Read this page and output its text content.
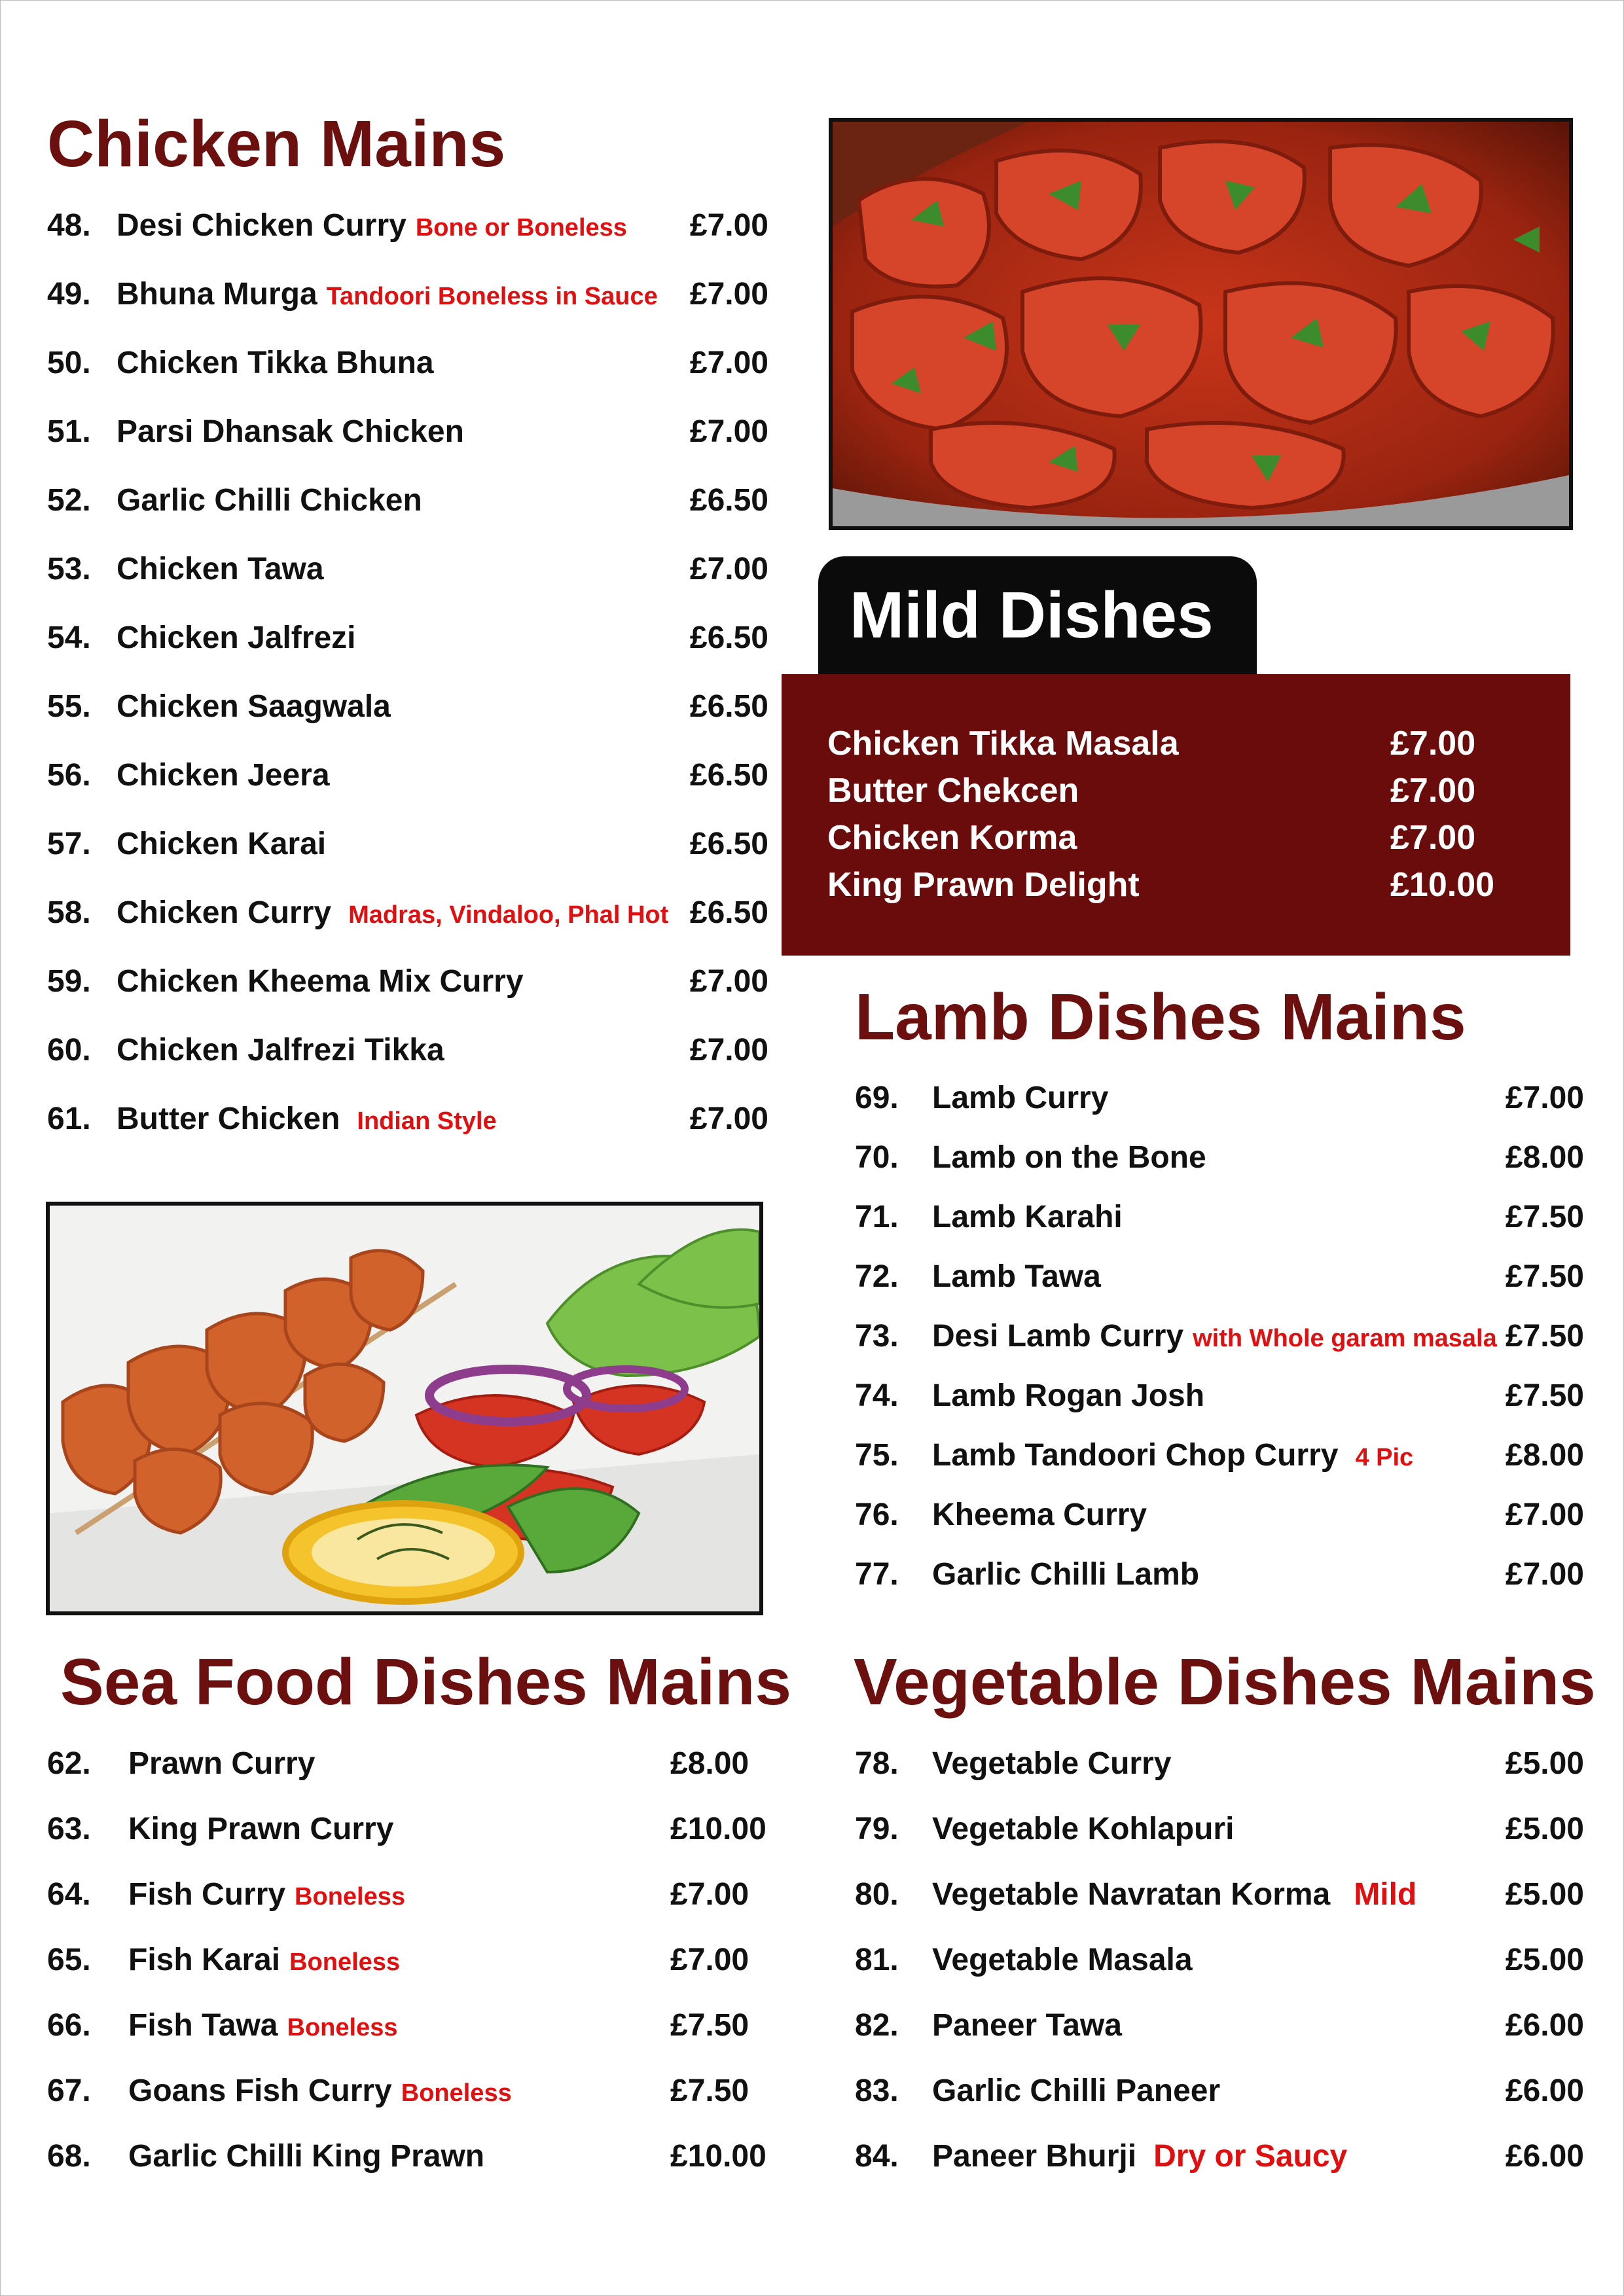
Chicken Mains
48. Desi Chicken Curry Bone or Boneless £7.00
49. Bhuna Murga Tandoori Boneless in Sauce £7.00
50. Chicken Tikka Bhuna	£7.00
51. Parsi Dhansak Chicken	£7.00
52. Garlic Chilli Chicken	£6.50
53. Chicken Tawa	£7.00
54. Chicken Jalfrezi	£6.50
55. Chicken Saagwala	£6.50
56. Chicken Jeera	£6.50
57. Chicken Karai	£6.50
58. Chicken Curry Madras, Vindaloo, Phal Hot £6.50
59. Chicken Kheema Mix Curry	£7.00
60. Chicken Jalfrezi Tikka	£7.00
61. Butter Chicken Indian Style	£7.00
Mild Dishes
Chicken Tikka Masala	£7.00
Butter Chekcen	£7.00
Chicken Korma	£7.00
King Prawn Delight	£10.00
Lamb Dishes Mains
69. Lamb Curry	£7.00
70. Lamb on the Bone	£8.00
71. Lamb Karahi	£7.50
72. Lamb Tawa	£7.50
73. Desi Lamb Curry with Whole garam masala £7.50
74. Lamb Rogan Josh	£7.50
75. Lamb Tandoori Chop Curry 4 Pic	£8.00
76. Kheema Curry	£7.00
77. Garlic Chilli Lamb	£7.00
Sea Food Dishes Mains
62. Prawn Curry	£8.00
63. King Prawn Curry	£10.00
64. Fish Curry Boneless	£7.00
65. Fish Karai Boneless	£7.00
66. Fish Tawa Boneless	£7.50
67. Goans Fish Curry Boneless	£7.50
68. Garlic Chilli King Prawn	£10.00
Vegetable Dishes Mains
78. Vegetable Curry	£5.00
79. Vegetable Kohlapuri	£5.00
80. Vegetable Navratan Korma Mild	£5.00
81. Vegetable Masala	£5.00
82. Paneer Tawa	£6.00
83. Garlic Chilli Paneer	£6.00
84. Paneer Bhurji Dry or Saucy	£6.00
